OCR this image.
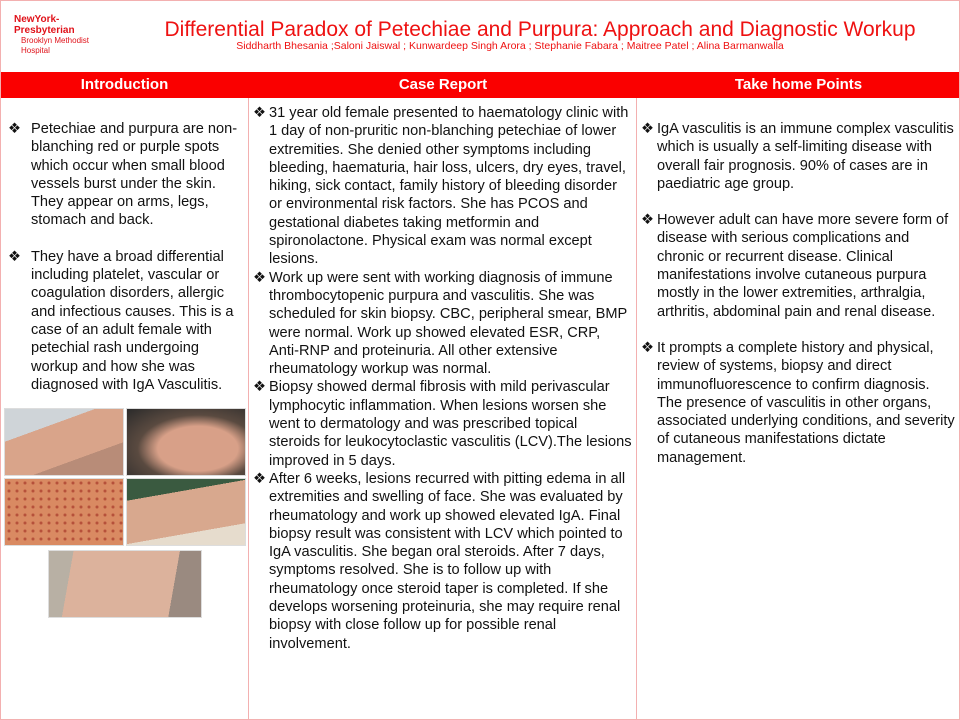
NewYork-
Presbyterian
Brooklyn Methodist
Hospital
Differential Paradox of Petechiae and Purpura: Approach and Diagnostic Workup
Siddharth Bhesania ;Saloni Jaiswal ; Kunwardeep Singh Arora ; Stephanie Fabara ; Maitree Patel ; Alina Barmanwalla
Introduction	Case Report	Take home Points
❖ Petechiae and purpura are non-blanching red or purple spots which occur when small blood vessels burst under the skin. They appear on arms, legs, stomach and back.
❖ They have a broad differential including platelet, vascular or coagulation disorders, allergic and infectious causes. This is a case of an adult female with petechial rash undergoing workup and how she was diagnosed with IgA Vasculitis.
❖ 31 year old female presented to haematology clinic with 1 day of non-pruritic non-blanching petechiae of lower extremities. She denied other symptoms including bleeding, haematuria, hair loss, ulcers, dry eyes, travel, hiking, sick contact, family history of bleeding disorder or environmental risk factors. She has PCOS and gestational diabetes taking metformin and spironolactone. Physical exam was normal except lesions.
❖ Work up were sent with working diagnosis of immune thrombocytopenic purpura and vasculitis. She was scheduled for skin biopsy. CBC, peripheral smear, BMP were normal. Work up showed elevated ESR, CRP, Anti-RNP and proteinuria. All other extensive rheumatology workup was normal.
❖ Biopsy showed dermal fibrosis with mild perivascular lymphocytic inflammation. When lesions worsen she went to dermatology and was prescribed topical steroids for leukocytoclastic vasculitis (LCV).The lesions improved in 5 days.
❖ After 6 weeks, lesions recurred with pitting edema in all extremities and swelling of face. She was evaluated by rheumatology and work up showed elevated IgA. Final biopsy result was consistent with LCV which pointed to IgA vasculitis. She began oral steroids. After 7 days, symptoms resolved. She is to follow up with rheumatology once steroid taper is completed. If she develops worsening proteinuria, she may require renal biopsy with close follow up for possible renal involvement.
❖ IgA vasculitis is an immune complex vasculitis which is usually a self-limiting disease with overall fair prognosis. 90% of cases are in paediatric age group.
❖ However adult can have more severe form of disease with serious complications and chronic or recurrent disease. Clinical manifestations involve cutaneous purpura mostly in the lower extremities, arthralgia, arthritis, abdominal pain and renal disease.
❖ It prompts a complete history and physical, review of systems, biopsy and direct immunofluorescence to confirm diagnosis. The presence of vasculitis in other organs, associated underlying conditions, and severity of cutaneous manifestations dictate management.
